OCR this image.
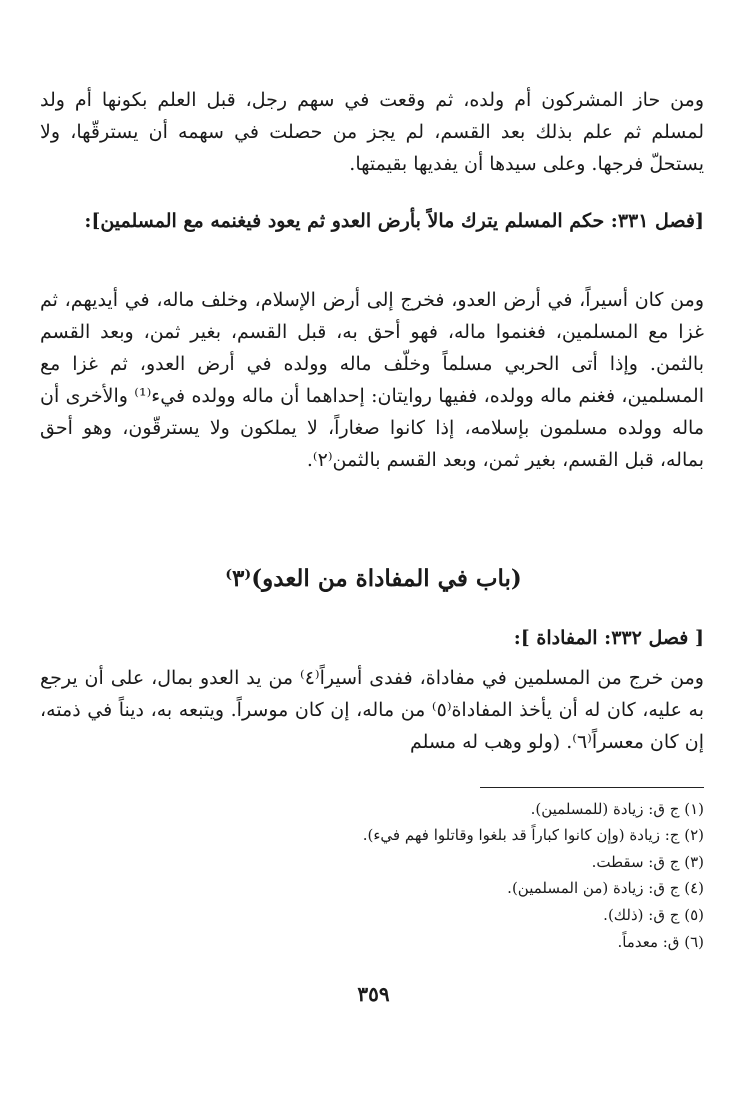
ومن حاز المشركون أم ولده، ثم وقعت في سهم رجل، قبل العلم بكونها أم ولد لمسلم ثم علم بذلك بعد القسم، لم يجز من حصلت في سهمه أن يسترقّها، ولا يستحلّ فرجها. وعلى سيدها أن يفديها بقيمتها.

[فصل ٣٣١: حكم المسلم يترك مالاً بأرض العدو ثم يعود فيغنمه مع المسلمين]:

ومن كان أسيراً، في أرض العدو، فخرج إلى أرض الإسلام، وخلف ماله، في أيديهم، ثم غزا مع المسلمين، فغنموا ماله، فهو أحق به، قبل القسم، بغير ثمن، وبعد القسم بالثمن. وإذا أتى الحربي مسلماً وخلّف ماله وولده في أرض العدو، ثم غزا مع المسلمين، فغنم ماله وولده، ففيها روايتان: إحداهما أن ماله وولده فيء⁽¹⁾ والأخرى أن ماله وولده مسلمون بإسلامه، إذا كانوا صغاراً، لا يملكون ولا يسترقّون، وهو أحق بماله، قبل القسم، بغير ثمن، وبعد القسم بالثمن⁽٢⁾.

(باب في المفاداة من العدو)⁽٣⁾

[ فصل ٣٣٢: المفاداة ]:

ومن خرج من المسلمين في مفاداة، ففدى أسيراً⁽٤⁾ من يد العدو بمال، على أن يرجع به عليه، كان له أن يأخذ المفاداة⁽٥⁾ من ماله، إن كان موسراً. ويتبعه به، ديناً في ذمته، إن كان معسراً⁽٦⁾. (ولو وهب له مسلم

(١) ج ق: زيادة (للمسلمين).
(٢) ج: زيادة (وإن كانوا كباراً قد بلغوا وقاتلوا فهم فيء).
(٣) ج ق: سقطت.
(٤) ج ق: زيادة (من المسلمين).
(٥) ج ق: (ذلك).
(٦) ق: معدماً.
٣٥٩
